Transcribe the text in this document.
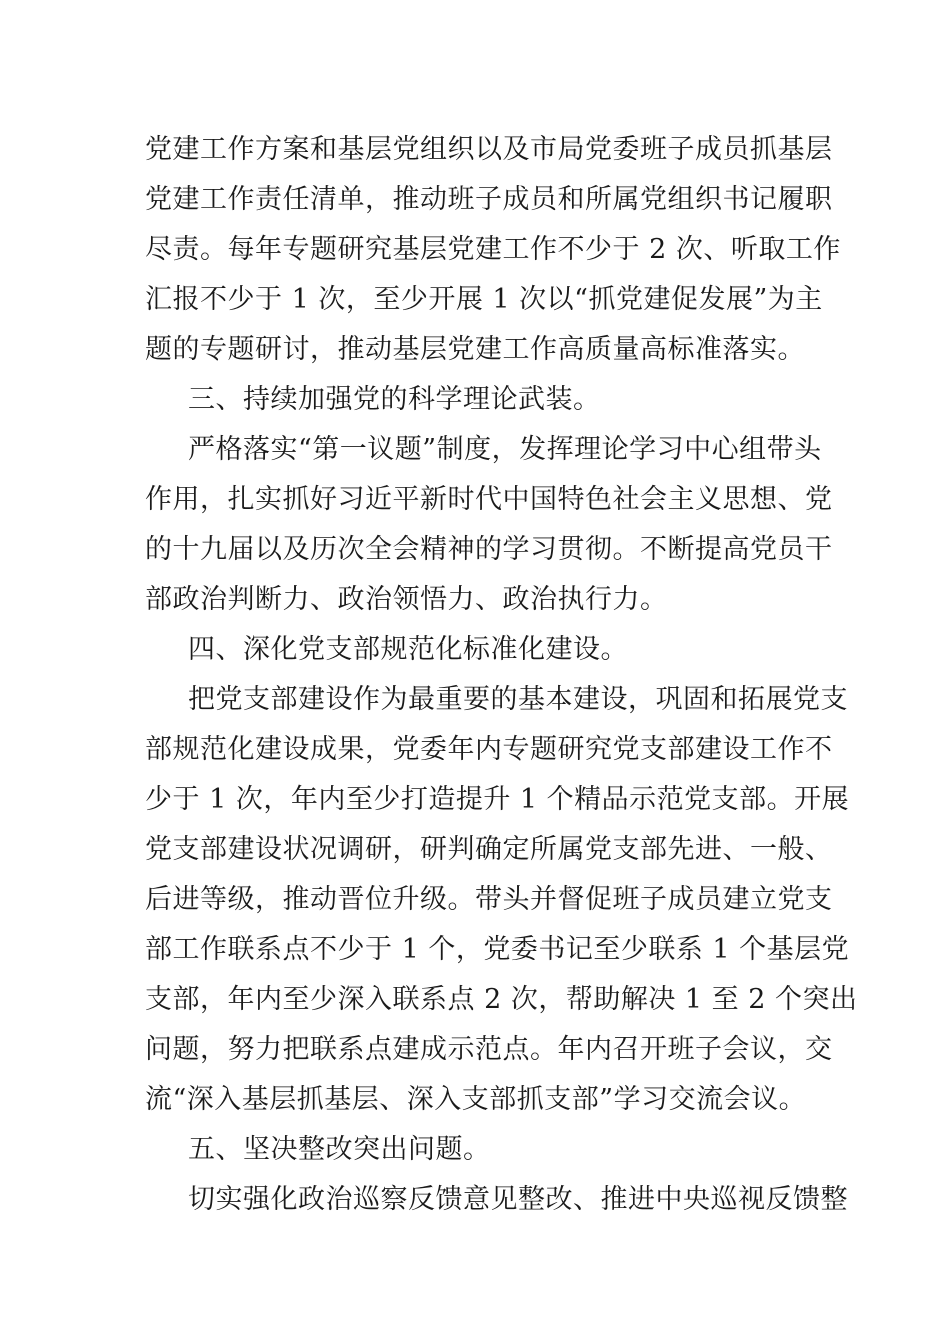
党建工作方案和基层党组织以及市局党委班子成员抓基层
党建工作责任清单，推动班子成员和所属党组织书记履职
尽责。每年专题研究基层党建工作不少于 2 次、听取工作
汇报不少于 1 次，至少开展 1 次以“抓党建促发展”为主
题的专题研讨，推动基层党建工作高质量高标准落实。
三、持续加强党的科学理论武装。
严格落实“第一议题”制度，发挥理论学习中心组带头
作用，扎实抓好习近平新时代中国特色社会主义思想、党
的十九届以及历次全会精神的学习贯彻。不断提高党员干
部政治判断力、政治领悟力、政治执行力。
四、深化党支部规范化标准化建设。
把党支部建设作为最重要的基本建设，巩固和拓展党支
部规范化建设成果，党委年内专题研究党支部建设工作不
少于 1 次，年内至少打造提升 1 个精品示范党支部。开展
党支部建设状况调研，研判确定所属党支部先进、一般、
后进等级，推动晋位升级。带头并督促班子成员建立党支
部工作联系点不少于 1 个，党委书记至少联系 1 个基层党
支部，年内至少深入联系点 2 次，帮助解决 1 至 2 个突出
问题，努力把联系点建成示范点。年内召开班子会议，交
流“深入基层抓基层、深入支部抓支部”学习交流会议。
五、坚决整改突出问题。
切实强化政治巡察反馈意见整改、推进中央巡视反馈整
